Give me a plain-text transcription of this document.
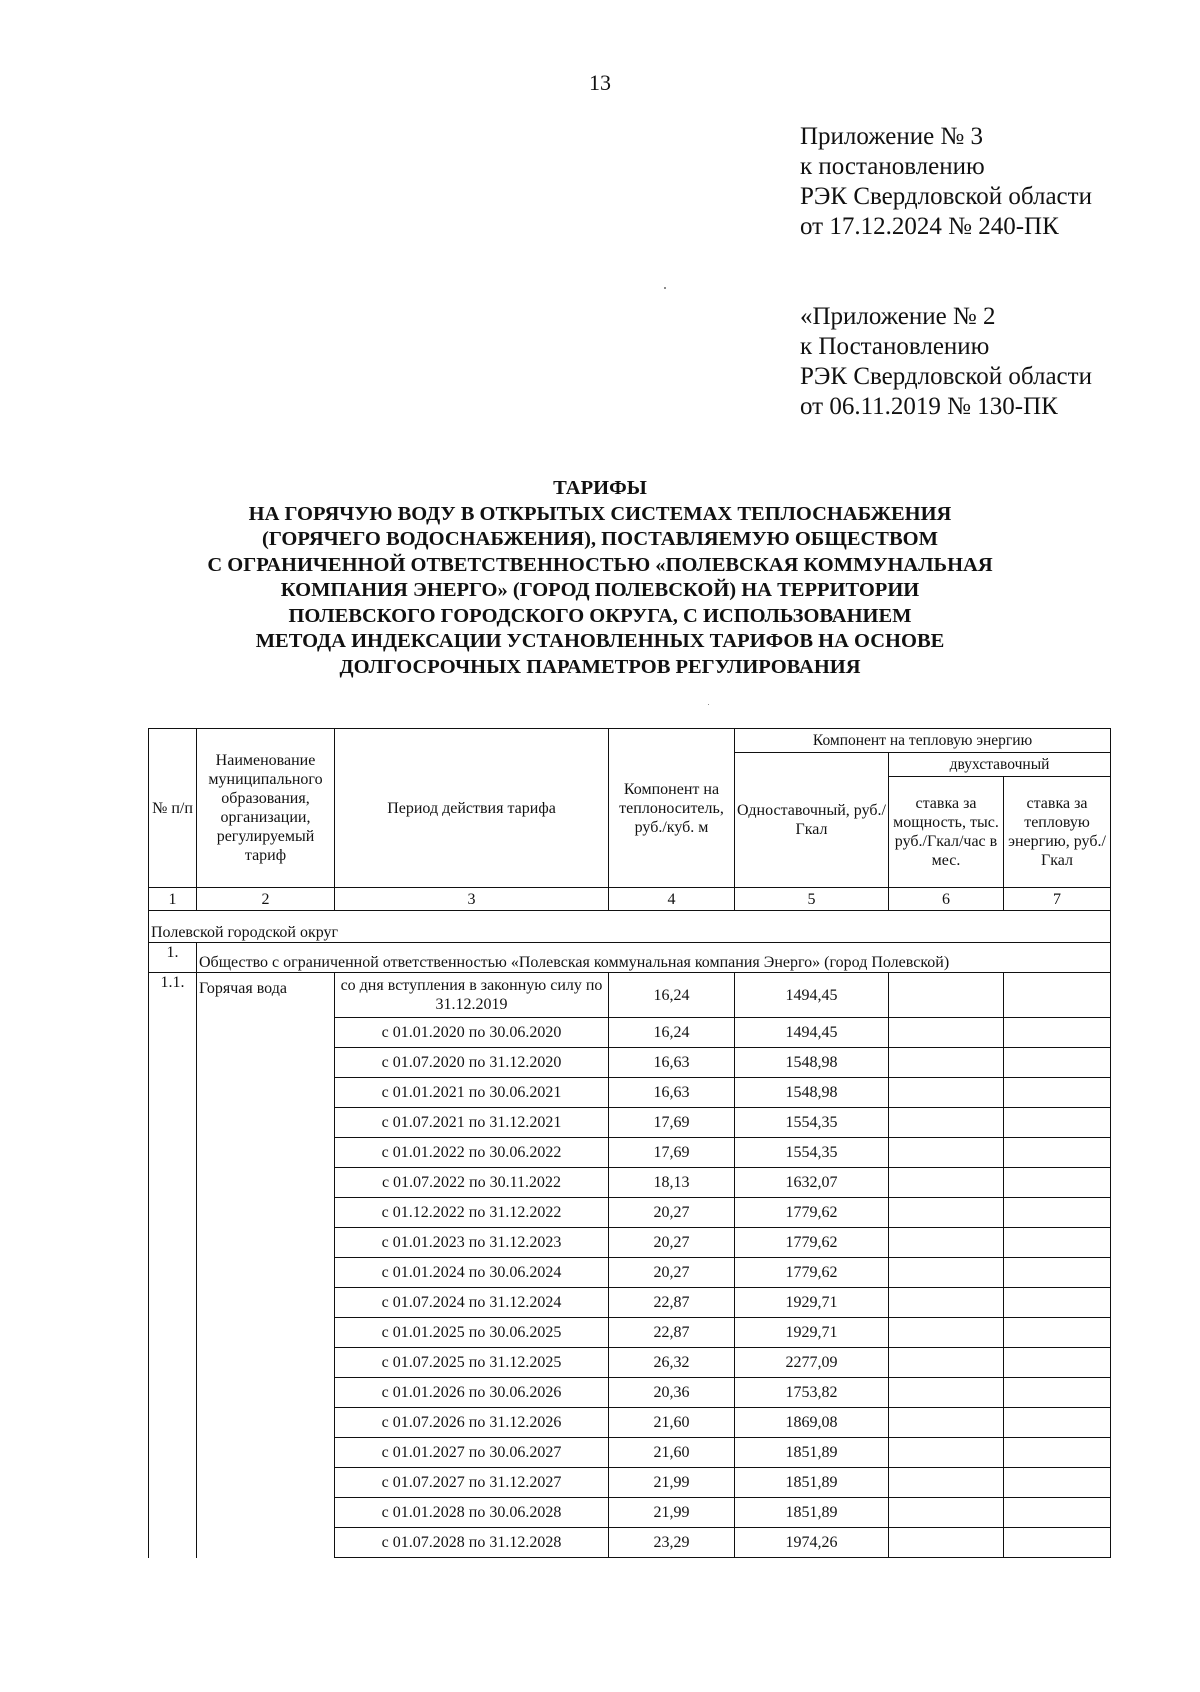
13
Приложение № 3
к постановлению
РЭК Свердловской области
от 17.12.2024 № 240-ПК
«Приложение № 2
к Постановлению
РЭК Свердловской области
от 06.11.2019 № 130-ПК
ТАРИФЫ
НА ГОРЯЧУЮ ВОДУ В ОТКРЫТЫХ СИСТЕМАХ ТЕПЛОСНАБЖЕНИЯ
(ГОРЯЧЕГО ВОДОСНАБЖЕНИЯ), ПОСТАВЛЯЕМУЮ ОБЩЕСТВОМ
С ОГРАНИЧЕННОЙ ОТВЕТСТВЕННОСТЬЮ «ПОЛЕВСКАЯ КОММУНАЛЬНАЯ
КОМПАНИЯ ЭНЕРГО» (ГОРОД ПОЛЕВСКОЙ) НА ТЕРРИТОРИИ
ПОЛЕВСКОГО ГОРОДСКОГО ОКРУГА, С ИСПОЛЬЗОВАНИЕМ
МЕТОДА ИНДЕКСАЦИИ УСТАНОВЛЕННЫХ ТАРИФОВ НА ОСНОВЕ
ДОЛГОСРОЧНЫХ ПАРАМЕТРОВ РЕГУЛИРОВАНИЯ
№ п/п	Наименование муниципального образования, организации, регулируемый тариф	Период действия тарифа	Компонент на теплоноситель, руб./куб. м	Компонент на тепловую энергию		
				Одноставочный, руб./Гкал	двухставочный	
					ставка за мощность, тыс. руб./Гкал/час в мес.	ставка за тепловую энергию, руб./Гкал
1	2	3	4	5	6	7
Полевской городской округ						
1.	Общество с ограниченной ответственностью «Полевская коммунальная компания Энерго» (город Полевской)					
1.1.	Горячая вода	со дня вступления в законную силу по 31.12.2019	16,24	1494,45		
		с 01.01.2020 по 30.06.2020	16,24	1494,45		
		с 01.07.2020 по 31.12.2020	16,63	1548,98		
		с 01.01.2021 по 30.06.2021	16,63	1548,98		
		с 01.07.2021 по 31.12.2021	17,69	1554,35		
		с 01.01.2022 по 30.06.2022	17,69	1554,35		
		с 01.07.2022 по 30.11.2022	18,13	1632,07		
		с 01.12.2022 по 31.12.2022	20,27	1779,62		
		с 01.01.2023 по 31.12.2023	20,27	1779,62		
		с 01.01.2024 по 30.06.2024	20,27	1779,62		
		с 01.07.2024 по 31.12.2024	22,87	1929,71		
		с 01.01.2025 по 30.06.2025	22,87	1929,71		
		с 01.07.2025 по 31.12.2025	26,32	2277,09		
		с 01.01.2026 по 30.06.2026	20,36	1753,82		
		с 01.07.2026 по 31.12.2026	21,60	1869,08		
		с 01.01.2027 по 30.06.2027	21,60	1851,89		
		с 01.07.2027 по 31.12.2027	21,99	1851,89		
		с 01.01.2028 по 30.06.2028	21,99	1851,89		
		с 01.07.2028 по 31.12.2028	23,29	1974,26		
